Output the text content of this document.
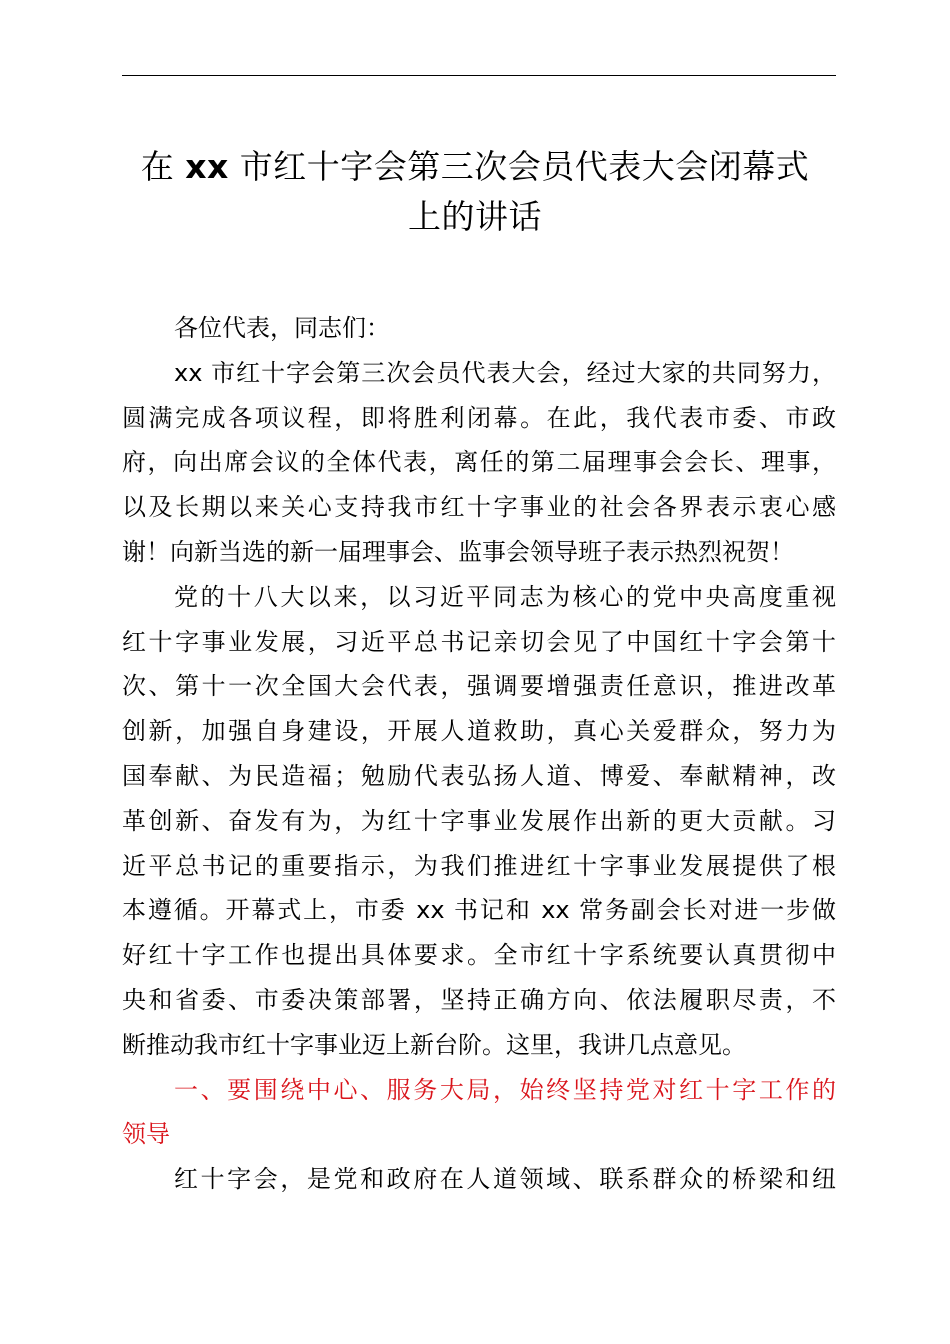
在 xx 市红十字会第三次会员代表大会闭幕式
上的讲话
各位代表，同志们：
xx 市红十字会第三次会员代表大会，经过大家的共同努力，
圆满完成各项议程，即将胜利闭幕。在此，我代表市委、市政
府，向出席会议的全体代表，离任的第二届理事会会长、理事，
以及长期以来关心支持我市红十字事业的社会各界表示衷心感
谢！向新当选的新一届理事会、监事会领导班子表示热烈祝贺！
党的十八大以来，以习近平同志为核心的党中央高度重视
红十字事业发展，习近平总书记亲切会见了中国红十字会第十
次、第十一次全国大会代表，强调要增强责任意识，推进改革
创新，加强自身建设，开展人道救助，真心关爱群众，努力为
国奉献、为民造福；勉励代表弘扬人道、博爱、奉献精神，改
革创新、奋发有为，为红十字事业发展作出新的更大贡献。习
近平总书记的重要指示，为我们推进红十字事业发展提供了根
本遵循。开幕式上，市委 xx 书记和 xx 常务副会长对进一步做
好红十字工作也提出具体要求。全市红十字系统要认真贯彻中
央和省委、市委决策部署，坚持正确方向、依法履职尽责，不
断推动我市红十字事业迈上新台阶。这里，我讲几点意见。
一、要围绕中心、服务大局，始终坚持党对红十字工作的
领导
红十字会，是党和政府在人道领域、联系群众的桥梁和纽
